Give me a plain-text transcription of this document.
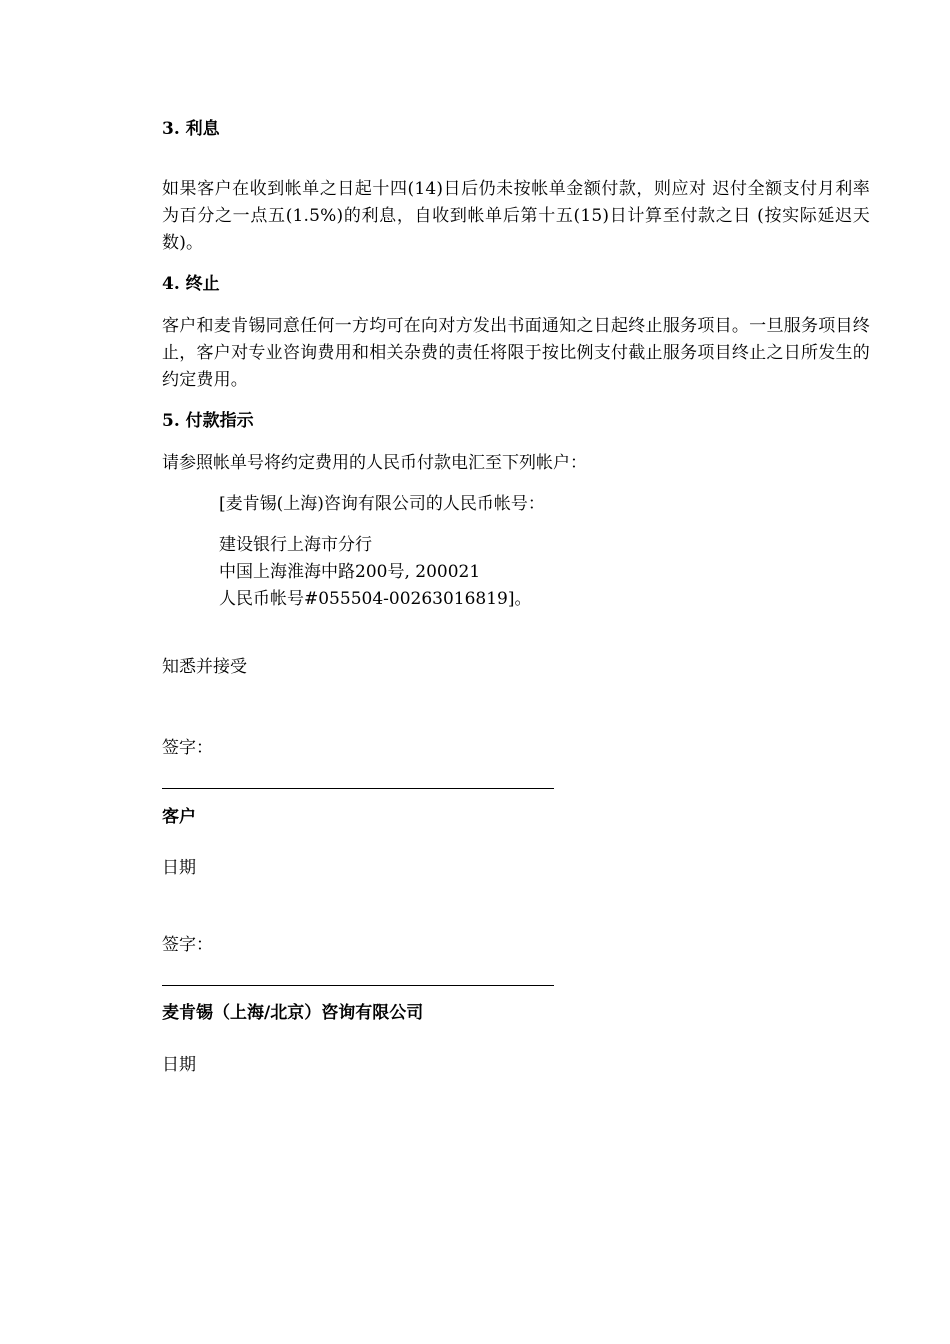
3. 利息
如果客户在收到帐单之日起十四(14)日后仍未按帐单金额付款，则应对 迟付全额支付月利率为百分之一点五(1.5%)的利息，自收到帐单后第十五(15)日计算至付款之日 (按实际延迟天数)。
4. 终止
客户和麦肯锡同意任何一方均可在向对方发出书面通知之日起终止服务项目。一旦服务项目终止，客户对专业咨询费用和相关杂费的责任将限于按比例支付截止服务项目终止之日所发生的约定费用。
5. 付款指示
请参照帐单号将约定费用的人民币付款电汇至下列帐户：
[麦肯锡(上海)咨询有限公司的人民币帐号：
建设银行上海市分行
中国上海淮海中路200号, 200021
人民币帐号#055504-00263016819]。
知悉并接受
签字：
客户
日期
签字：
麦肯锡（上海/北京）咨询有限公司
日期
